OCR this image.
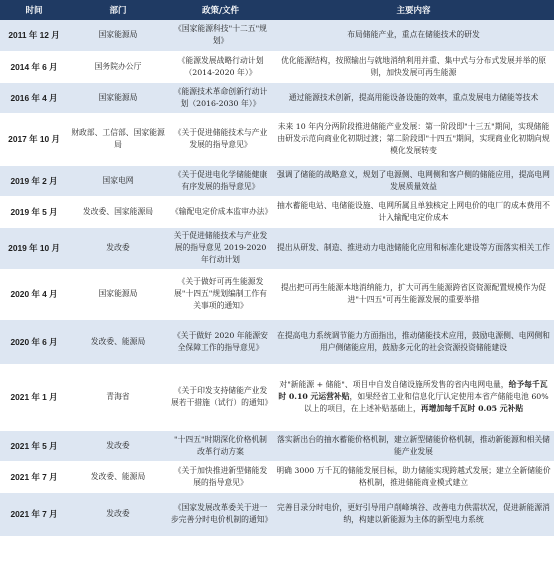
时间	部门	政策/文件	主要内容
2011 年 12 月	国家能源局	《国家能源科技"十二五"规划》	布局储能产业，重点在储能技术的研发
2014 年 6 月	国务院办公厅	《能源发展战略行动计划（2014-2020 年）》	优化能源结构，按照输出与就地消纳利用并重、集中式与分布式发展并举的原则，加快发展可再生能源
2016 年 4 月	国家能源局	《能源技术革命创新行动计划（2016-2030 年）》	通过能源技术创新，提高用能设备设施的效率，重点发展电力储能等技术
2017 年 10 月	财政部、工信部、国家能源局	《关于促进储能技术与产业发展的指导意见》	未来 10 年内分两阶段推进储能产业发展：第一阶段即"十三五"期间，实现储能由研发示范向商业化初期过渡；第二阶段即"十四五"期间，实现商业化初期向规模化发展转变
2019 年 2 月	国家电网	《关于促进电化学储能健康有序发展的指导意见》	强调了储能的战略意义，规划了电源侧、电网侧和客户侧的储能应用，提高电网发展质量效益
2019 年 5 月	发改委、国家能源局	《输配电定价成本监审办法》	抽水蓄能电站、电储能设施、电网所属且单独核定上网电价的电厂的成本费用不计入输配电定价成本
2019 年 10 月	发改委	关于促进储能技术与产业发展的指导意见 2019-2020 年行动计划	提出从研发、制造、推进动力电池储能化应用和标准化建设等方面落实相关工作
2020 年 4 月	国家能源局	《关于做好可再生能源发展"十四五"规划编制工作有关事项的通知》	提出把可再生能源本地消纳能力，扩大可再生能源跨省区资源配置规模作为促进"十四五"可再生能源发展的重要举措
2020 年 6 月	发改委、能源局	《关于做好 2020 年能源安全保障工作的指导意见》	在提高电力系统调节能力方面指出，推动储能技术应用，鼓励电源侧、电网侧和用户侧储能应用，鼓励多元化的社会资源投资储能建设
2021 年 1 月	青海省	《关于印发支持储能产业发展若干措施（试行）的通知》	对"新能源 + 储能"、项目中自发自储设施所发售的省内电网电量，给予每千瓦时 0.10 元运营补贴，如果经省工业和信息化厅认定使用本省产储能电池 60%以上的项目，在上述补贴基础上，再增加每千瓦时 0.05 元补贴
2021 年 5 月	发改委	"十四五"时期深化价格机制改革行动方案	落实新出台的抽水蓄能价格机制，建立新型储能价格机制，推动新能源和相关储能产业发展
2021 年 7 月	发改委、能源局	《关于加快推进新型储能发展的指导意见》	明确 3000 万千瓦的储能发展目标，助力储能实现跨越式发展；建立全新储能价格机制，推进储能商业模式建立
2021 年 7 月	发改委	《国家发展改革委关于进一步完善分时电价机制的通知》	完善目录分时电价，更好引导用户削峰填谷、改善电力供需状况，促进新能源消纳，构建以新能源为主体的新型电力系统
